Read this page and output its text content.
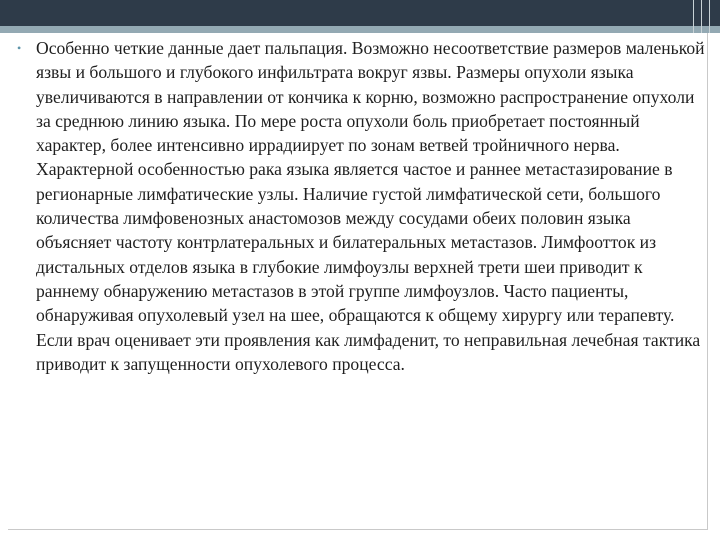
• Особенно четкие данные дает пальпация. Возможно несоответствие размеров маленькой язвы и большого и глубокого инфильтрата вокруг язвы. Размеры опухоли языка увеличиваются в направлении от кончика к корню, возможно распространение опухоли за среднюю линию языка. По мере роста опухоли боль приобретает постоянный характер, более интенсивно иррадиирует по зонам ветвей тройничного нерва. Характерной особенностью рака языка является частое и раннее метастазирование в регионарные лимфатические узлы. Наличие густой лимфатической сети, большого количества лимфовенозных анастомозов между сосудами обеих половин языка объясняет частоту контрлатеральных и билатеральных метастазов. Лимфоотток из дистальных отделов языка в глубокие лимфоузлы верхней трети шеи приводит к раннему обнаружению метастазов в этой группе лимфоузлов. Часто пациенты, обнаруживая опухолевый узел на шее, обращаются к общему хирургу или терапевту. Если врач оценивает эти проявления как лимфаденит, то неправильная лечебная тактика приводит к запущенности опухолевого процесса.
